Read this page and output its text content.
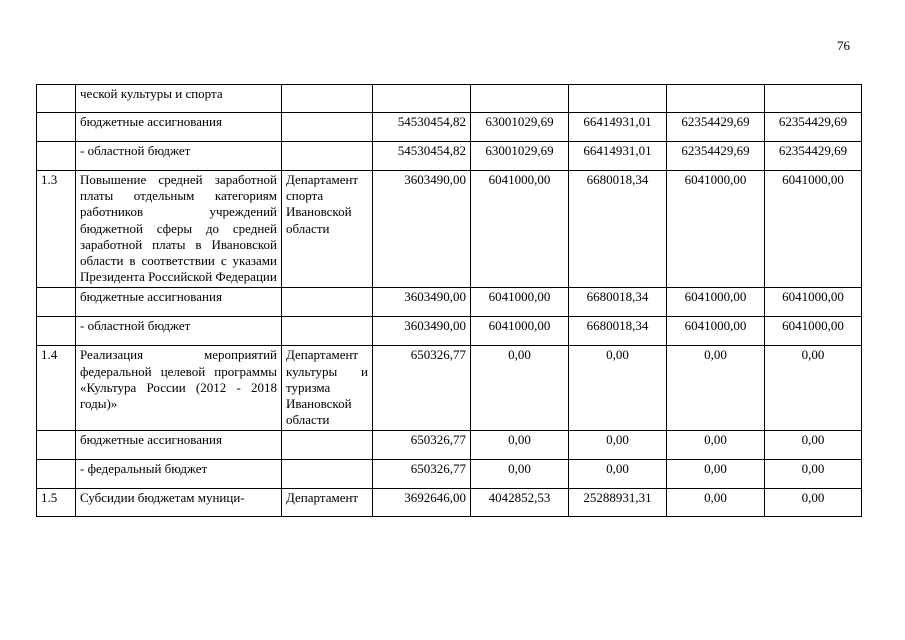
76
	ческой культуры и спорта						
	бюджетные ассигнования		54530454,82	63001029,69	66414931,01	62354429,69	62354429,69
	- областной бюджет		54530454,82	63001029,69	66414931,01	62354429,69	62354429,69
1.3	Повышение средней заработной платы отдельным категориям работников учреждений бюджетной сферы до средней заработной платы в Ивановской области в соответствии с указами Президента Российской Федерации	Департамент спорта Ивановской области	3603490,00	6041000,00	6680018,34	6041000,00	6041000,00
	бюджетные ассигнования		3603490,00	6041000,00	6680018,34	6041000,00	6041000,00
	- областной бюджет		3603490,00	6041000,00	6680018,34	6041000,00	6041000,00
1.4	Реализация мероприятий федеральной целевой программы «Культура России (2012 - 2018 годы)»	Департамент культуры и туризма Ивановской области	650326,77	0,00	0,00	0,00	0,00
	бюджетные ассигнования		650326,77	0,00	0,00	0,00	0,00
	- федеральный бюджет		650326,77	0,00	0,00	0,00	0,00
1.5	Субсидии бюджетам муници-	Департамент	3692646,00	4042852,53	25288931,31	0,00	0,00
